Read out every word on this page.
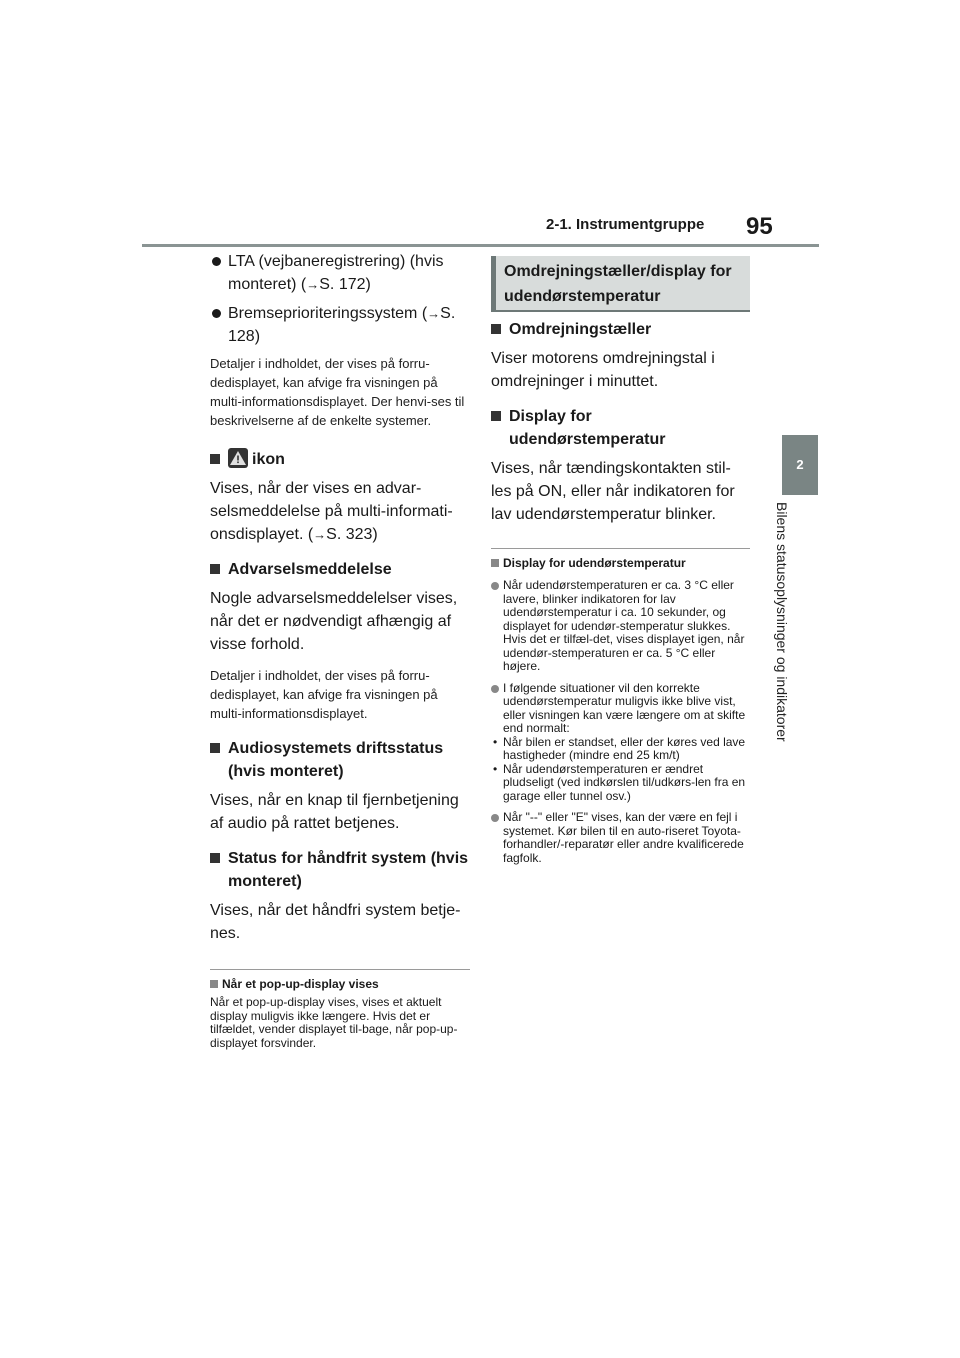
2-1. Instrumentgruppe 95
2
Bilens statusoplysninger og indikatorer
LTA (vejbaneregistrering) (hvis monteret) (→S. 172)
Bremseprioriteringssystem (→S. 128)
Detaljer i indholdet, der vises på forru-dedisplayet, kan afvige fra visningen på multi-informationsdisplayet. Der henvi-ses til beskrivelserne af de enkelte systemer.
ikon
Vises, når der vises en advar-selsmeddelelse på multi-informati-onsdisplayet. (→S. 323)
Advarselsmeddelelse
Nogle advarselsmeddelelser vises, når det er nødvendigt afhængig af visse forhold.
Detaljer i indholdet, der vises på forru-dedisplayet, kan afvige fra visningen på multi-informationsdisplayet.
Audiosystemets driftsstatus (hvis monteret)
Vises, når en knap til fjernbetjening af audio på rattet betjenes.
Status for håndfrit system (hvis monteret)
Vises, når det håndfri system betje-nes.
Når et pop-up-display vises
Når et pop-up-display vises, vises et aktuelt display muligvis ikke længere. Hvis det er tilfældet, vender displayet til-bage, når pop-up-displayet forsvinder.
Omdrejningstæller/display for udendørstemperatur
Omdrejningstæller
Viser motorens omdrejningstal i omdrejninger i minuttet.
Display for udendørstemperatur
Vises, når tændingskontakten stil-les på ON, eller når indikatoren for lav udendørstemperatur blinker.
Display for udendørstemperatur
Når udendørstemperaturen er ca. 3 °C eller lavere, blinker indikatoren for lav udendørstemperatur i ca. 10 sekunder, og displayet for udendør-stemperatur slukkes. Hvis det er tilfæl-det, vises displayet igen, når udendør-stemperaturen er ca. 5 °C eller højere.
I følgende situationer vil den korrekte udendørstemperatur muligvis ikke blive vist, eller visningen kan være længere om at skifte end normalt:
• Når bilen er standset, eller der køres ved lave hastigheder (mindre end 25 km/t)
• Når udendørstemperaturen er ændret pludseligt (ved indkørslen til/udkørs-len fra en garage eller tunnel osv.)
Når "--" eller "E" vises, kan der være en fejl i systemet. Kør bilen til en auto-riseret Toyota-forhandler/-reparatør eller andre kvalificerede fagfolk.
